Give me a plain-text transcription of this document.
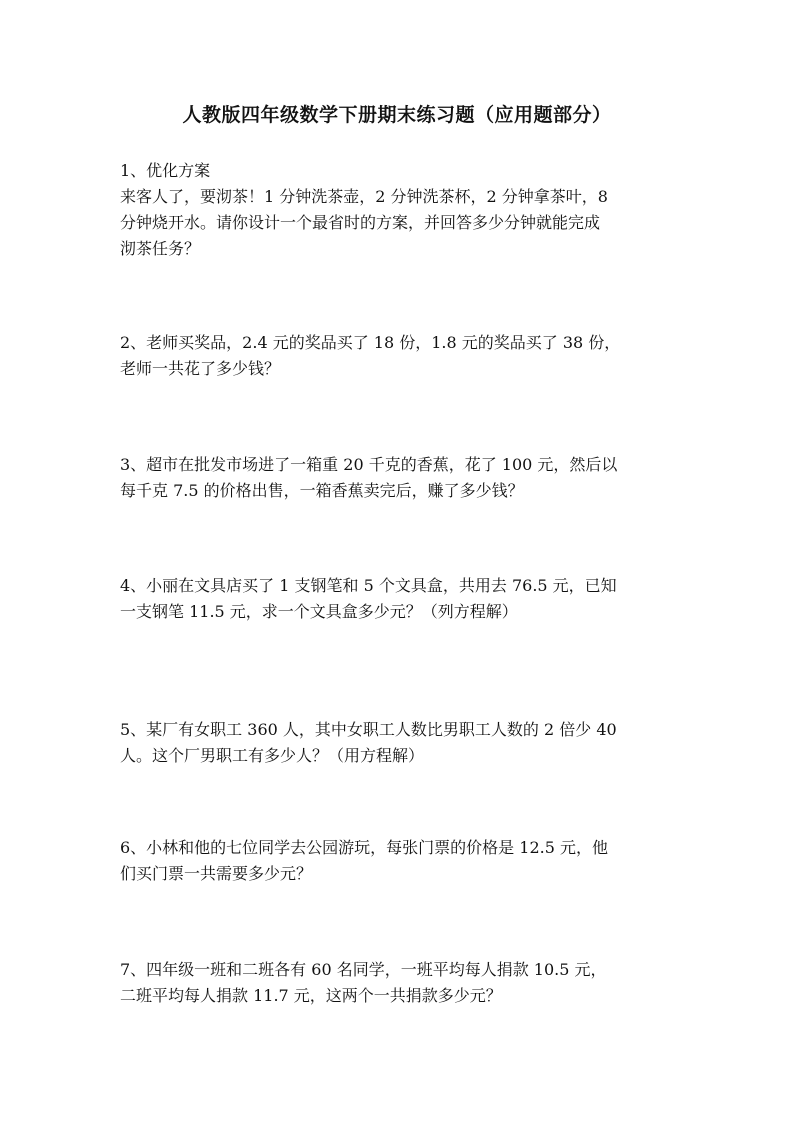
人教版四年级数学下册期末练习题（应用题部分）
1、优化方案
来客人了，要沏茶！1 分钟洗茶壶，2 分钟洗茶杯，2 分钟拿茶叶，8
分钟烧开水。请你设计一个最省时的方案，并回答多少分钟就能完成
沏茶任务？
2、老师买奖品，2.4 元的奖品买了 18 份，1.8 元的奖品买了 38 份，
老师一共花了多少钱？
3、超市在批发市场进了一箱重 20 千克的香蕉，花了 100 元，然后以
每千克 7.5 的价格出售，一箱香蕉卖完后，赚了多少钱？
4、小丽在文具店买了 1 支钢笔和 5 个文具盒，共用去 76.5 元，已知
一支钢笔 11.5 元，求一个文具盒多少元？（列方程解）
5、某厂有女职工 360 人，其中女职工人数比男职工人数的 2 倍少 40
人。这个厂男职工有多少人？（用方程解）
6、小林和他的七位同学去公园游玩，每张门票的价格是 12.5 元，他
们买门票一共需要多少元？
7、四年级一班和二班各有 60 名同学，一班平均每人捐款 10.5 元，
二班平均每人捐款 11.7 元，这两个一共捐款多少元？
